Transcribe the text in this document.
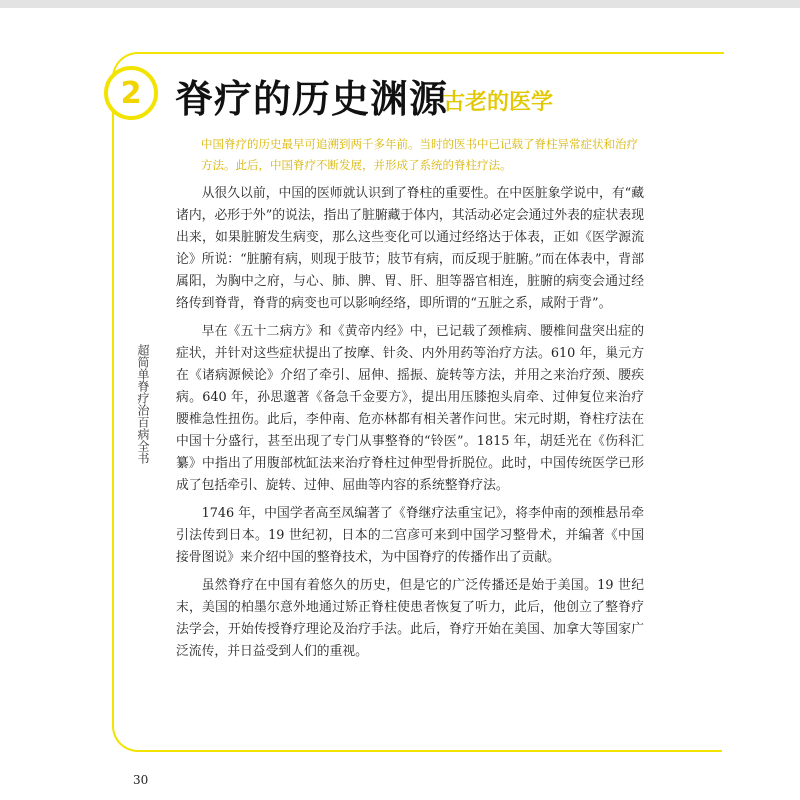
2 脊疗的历史渊源
古老的医学
中国脊疗的历史最早可追溯到两千多年前。当时的医书中已记载了脊柱异常症状和治疗方法。此后，中国脊疗不断发展，并形成了系统的脊柱疗法。
超简单脊疗治百病全书

从很久以前，中国的医师就认识到了脊柱的重要性。在中医脏象学说中，有“藏诸内，必形于外”的说法，指出了脏腑藏于体内，其活动必定会通过外表的症状表现出来，如果脏腑发生病变，那么这些变化可以通过经络达于体表，正如《医学源流论》所说：“脏腑有病，则现于肢节；肢节有病，而反现于脏腑。”而在体表中，背部属阳，为胸中之府，与心、肺、脾、胃、肝、胆等器官相连，脏腑的病变会通过经络传到脊背，脊背的病变也可以影响经络，即所谓的“五脏之系，咸附于背”。

早在《五十二病方》和《黄帝内经》中，已记载了颈椎病、腰椎间盘突出症的症状，并针对这些症状提出了按摩、针灸、内外用药等治疗方法。610 年，巢元方在《诸病源候论》介绍了牵引、屈伸、摇振、旋转等方法，并用之来治疗颈、腰疾病。640 年，孙思邈著《备急千金要方》，提出用压膝抱头肩牵、过伸复位来治疗腰椎急性扭伤。此后，李仲南、危亦林都有相关著作问世。宋元时期，脊柱疗法在中国十分盛行，甚至出现了专门从事整脊的“铃医”。1815 年，胡廷光在《伤科汇纂》中指出了用腹部枕缸法来治疗脊柱过伸型骨折脱位。此时，中国传统医学已形成了包括牵引、旋转、过伸、屈曲等内容的系统整脊疗法。

1746 年，中国学者高至凤编著了《脊继疗法重宝记》，将李仲南的颈椎悬吊牵引法传到日本。19 世纪初，日本的二宫彦可来到中国学习整骨术，并编著《中国接骨图说》来介绍中国的整脊技术，为中国脊疗的传播作出了贡献。

虽然脊疗在中国有着悠久的历史，但是它的广泛传播还是始于美国。19 世纪末，美国的柏墨尔意外地通过矫正脊柱使患者恢复了听力，此后，他创立了整脊疗法学会，开始传授脊疗理论及治疗手法。此后，脊疗开始在美国、加拿大等国家广泛流传，并日益受到人们的重视。

30
